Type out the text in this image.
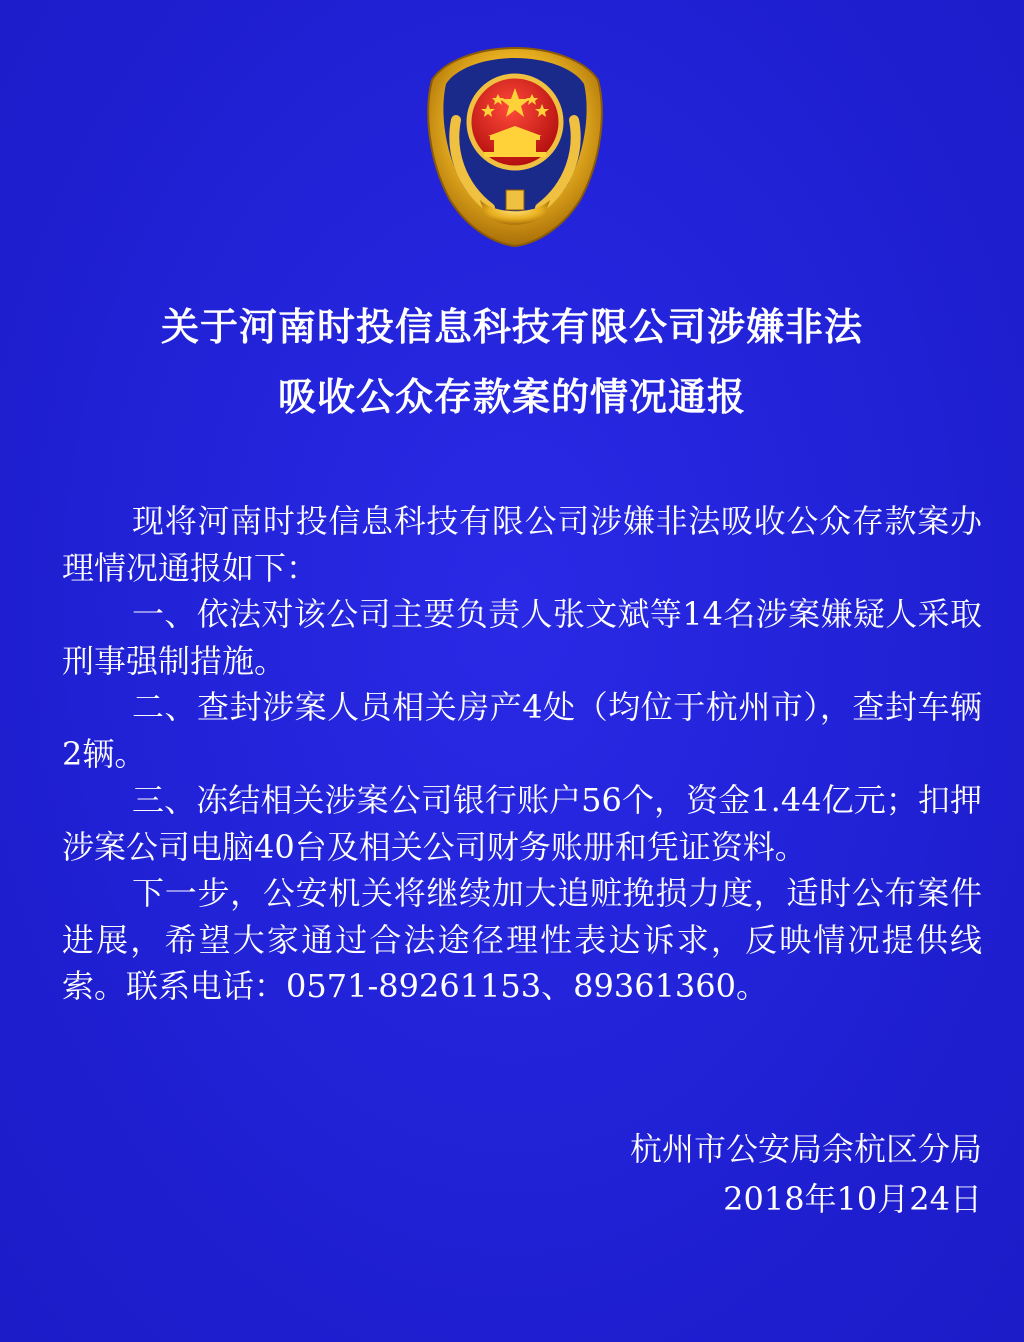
关于河南时投信息科技有限公司涉嫌非法
吸收公众存款案的情况通报

现将河南时投信息科技有限公司涉嫌非法吸收公众存款案办理情况通报如下：

一、依法对该公司主要负责人张文斌等14名涉案嫌疑人采取刑事强制措施。

二、查封涉案人员相关房产4处（均位于杭州市），查封车辆2辆。

三、冻结相关涉案公司银行账户56个，资金1.44亿元；扣押涉案公司电脑40台及相关公司财务账册和凭证资料。

下一步，公安机关将继续加大追赃挽损力度，适时公布案件进展，希望大家通过合法途径理性表达诉求，反映情况提供线索。联系电话：0571-89261153、89361360。

杭州市公安局余杭区分局
2018年10月24日
